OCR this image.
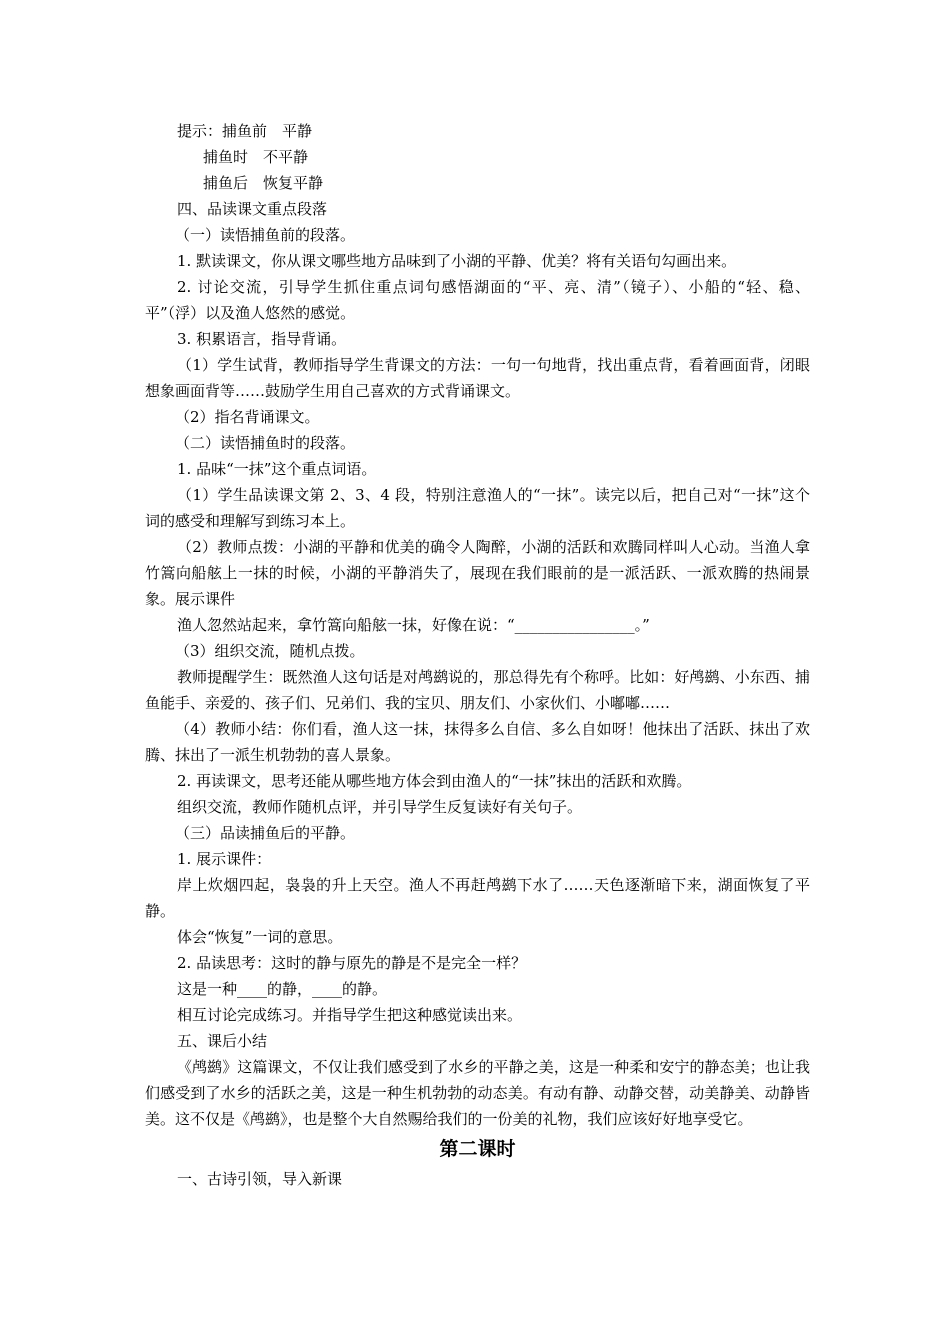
提示：捕鱼前　平静

捕鱼时　不平静

捕鱼后　恢复平静

四、品读课文重点段落

（一）读悟捕鱼前的段落。

1. 默读课文，你从课文哪些地方品味到了小湖的平静、优美？将有关语句勾画出来。

2. 讨论交流，引导学生抓住重点词句感悟湖面的“平、亮、清”（镜子）、小船的“轻、稳、平”（浮）以及渔人悠然的感觉。

3. 积累语言，指导背诵。

（1）学生试背，教师指导学生背课文的方法：一句一句地背，找出重点背，看着画面背，闭眼想象画面背等……鼓励学生用自己喜欢的方式背诵课文。

（2）指名背诵课文。

（二）读悟捕鱼时的段落。

1. 品味“一抹”这个重点词语。

（1）学生品读课文第 2、3、4 段，特别注意渔人的“一抹”。读完以后，把自己对“一抹”这个词的感受和理解写到练习本上。

（2）教师点拨：小湖的平静和优美的确令人陶醉，小湖的活跃和欢腾同样叫人心动。当渔人拿竹篙向船舷上一抹的时候，小湖的平静消失了，展现在我们眼前的是一派活跃、一派欢腾的热闹景象。展示课件

渔人忽然站起来，拿竹篙向船舷一抹，好像在说：“________________。”

（3）组织交流，随机点拨。

教师提醒学生：既然渔人这句话是对鸬鹚说的，那总得先有个称呼。比如：好鸬鹚、小东西、捕鱼能手、亲爱的、孩子们、兄弟们、我的宝贝、朋友们、小家伙们、小嘟嘟……

（4）教师小结：你们看，渔人这一抹，抹得多么自信、多么自如呀！他抹出了活跃、抹出了欢腾、抹出了一派生机勃勃的喜人景象。

2. 再读课文，思考还能从哪些地方体会到由渔人的“一抹”抹出的活跃和欢腾。

组织交流，教师作随机点评，并引导学生反复读好有关句子。

（三）品读捕鱼后的平静。

1. 展示课件：

岸上炊烟四起，袅袅的升上天空。渔人不再赶鸬鹚下水了……天色逐渐暗下来，湖面恢复了平静。

体会“恢复”一词的意思。

2. 品读思考：这时的静与原先的静是不是完全一样？

这是一种____的静，____的静。

相互讨论完成练习。并指导学生把这种感觉读出来。

五、课后小结

《鸬鹚》这篇课文，不仅让我们感受到了水乡的平静之美，这是一种柔和安宁的静态美；也让我们感受到了水乡的活跃之美，这是一种生机勃勃的动态美。有动有静、动静交替，动美静美、动静皆美。这不仅是《鸬鹚》，也是整个大自然赐给我们的一份美的礼物，我们应该好好地享受它。

第二课时

一、古诗引领，导入新课
